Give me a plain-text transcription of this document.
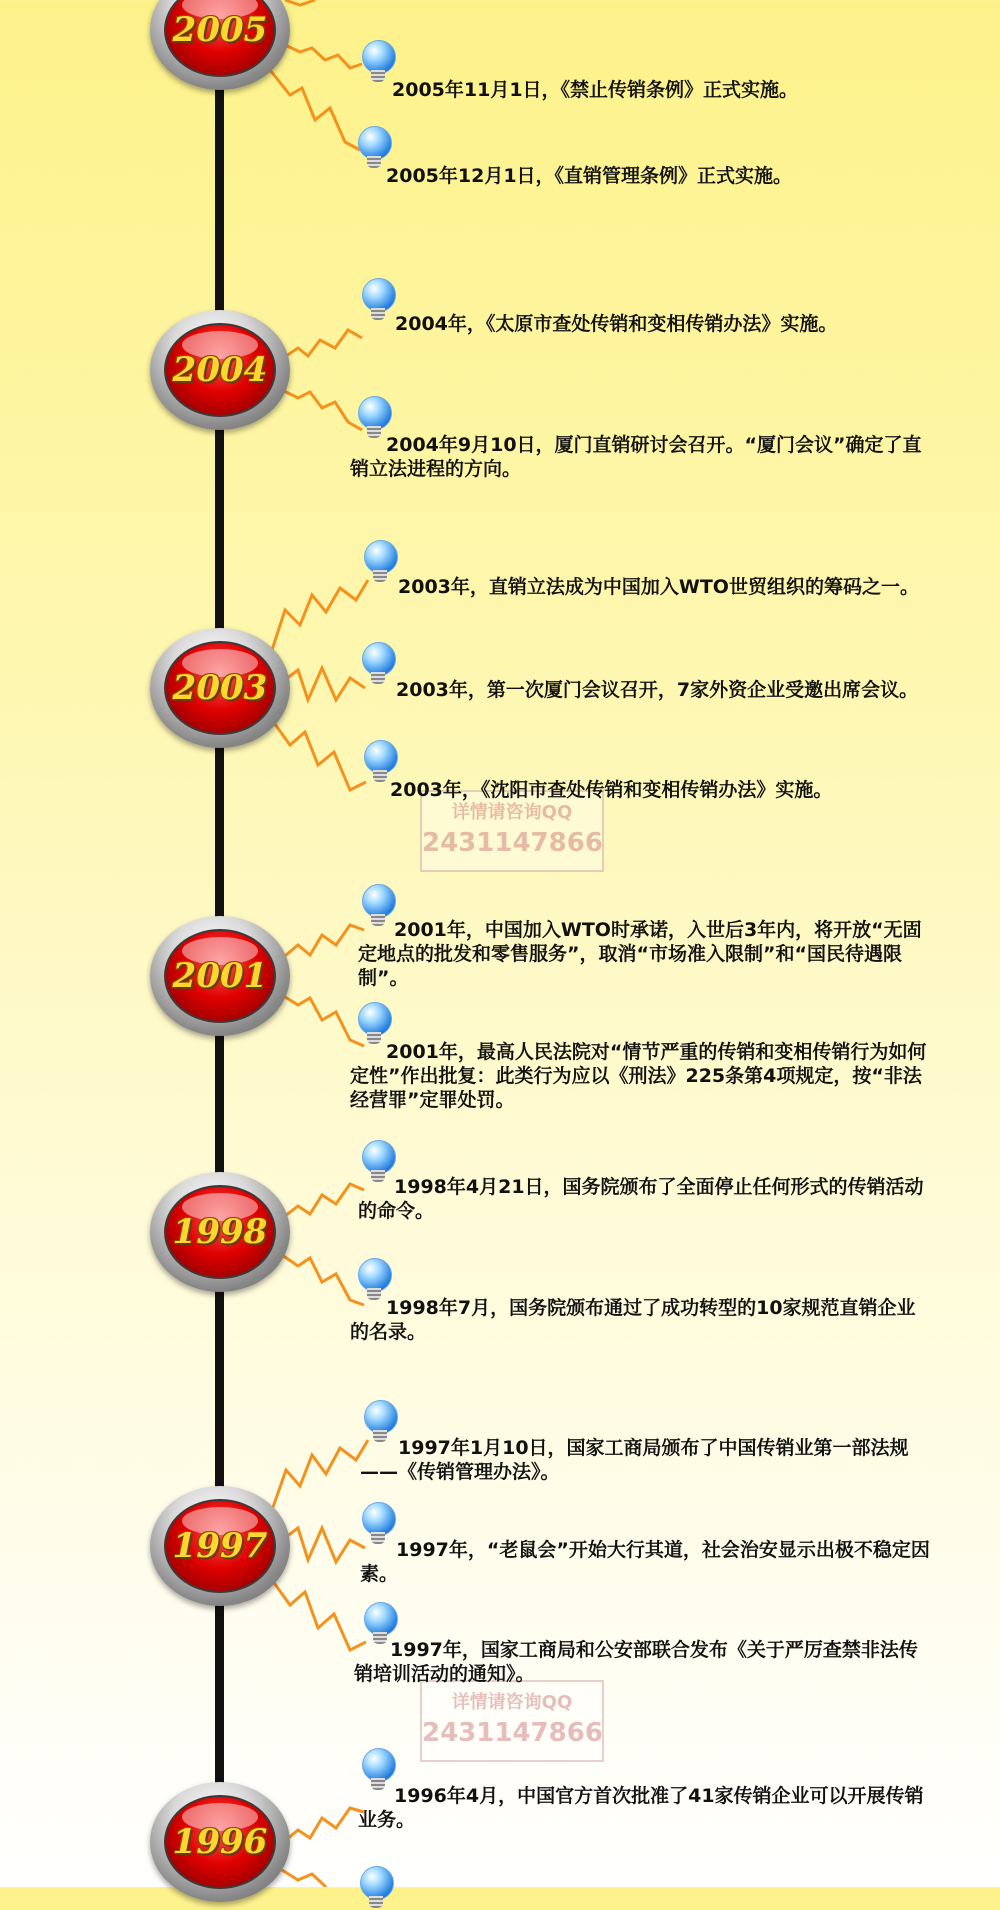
详情请咨询QQ
2431147866
详情请咨询QQ
2431147866
2005
2005年11月1日，《禁止传销条例》正式实施。
2005年12月1日，《直销管理条例》正式实施。
2004
2004年，《太原市查处传销和变相传销办法》实施。
2004年9月10日，厦门直销研讨会召开。“厦门会议”确定了直销立法进程的方向。
2003
2003年，直销立法成为中国加入WTO世贸组织的筹码之一。
2003年，第一次厦门会议召开，7家外资企业受邀出席会议。
2003年，《沈阳市查处传销和变相传销办法》实施。
2001
2001年，中国加入WTO时承诺，入世后3年内，将开放“无固定地点的批发和零售服务”，取消“市场准入限制”和“国民待遇限制”。
2001年，最高人民法院对“情节严重的传销和变相传销行为如何定性”作出批复：此类行为应以《刑法》225条第4项规定，按“非法经营罪”定罪处罚。
1998
1998年4月21日，国务院颁布了全面停止任何形式的传销活动的命令。
1998年7月，国务院颁布通过了成功转型的10家规范直销企业的名录。
1997
1997年1月10日，国家工商局颁布了中国传销业第一部法规——《传销管理办法》。
1997年，“老鼠会”开始大行其道，社会治安显示出极不稳定因素。
1997年，国家工商局和公安部联合发布《关于严厉查禁非法传销培训活动的通知》。
1996
1996年4月，中国官方首次批准了41家传销企业可以开展传销业务。
